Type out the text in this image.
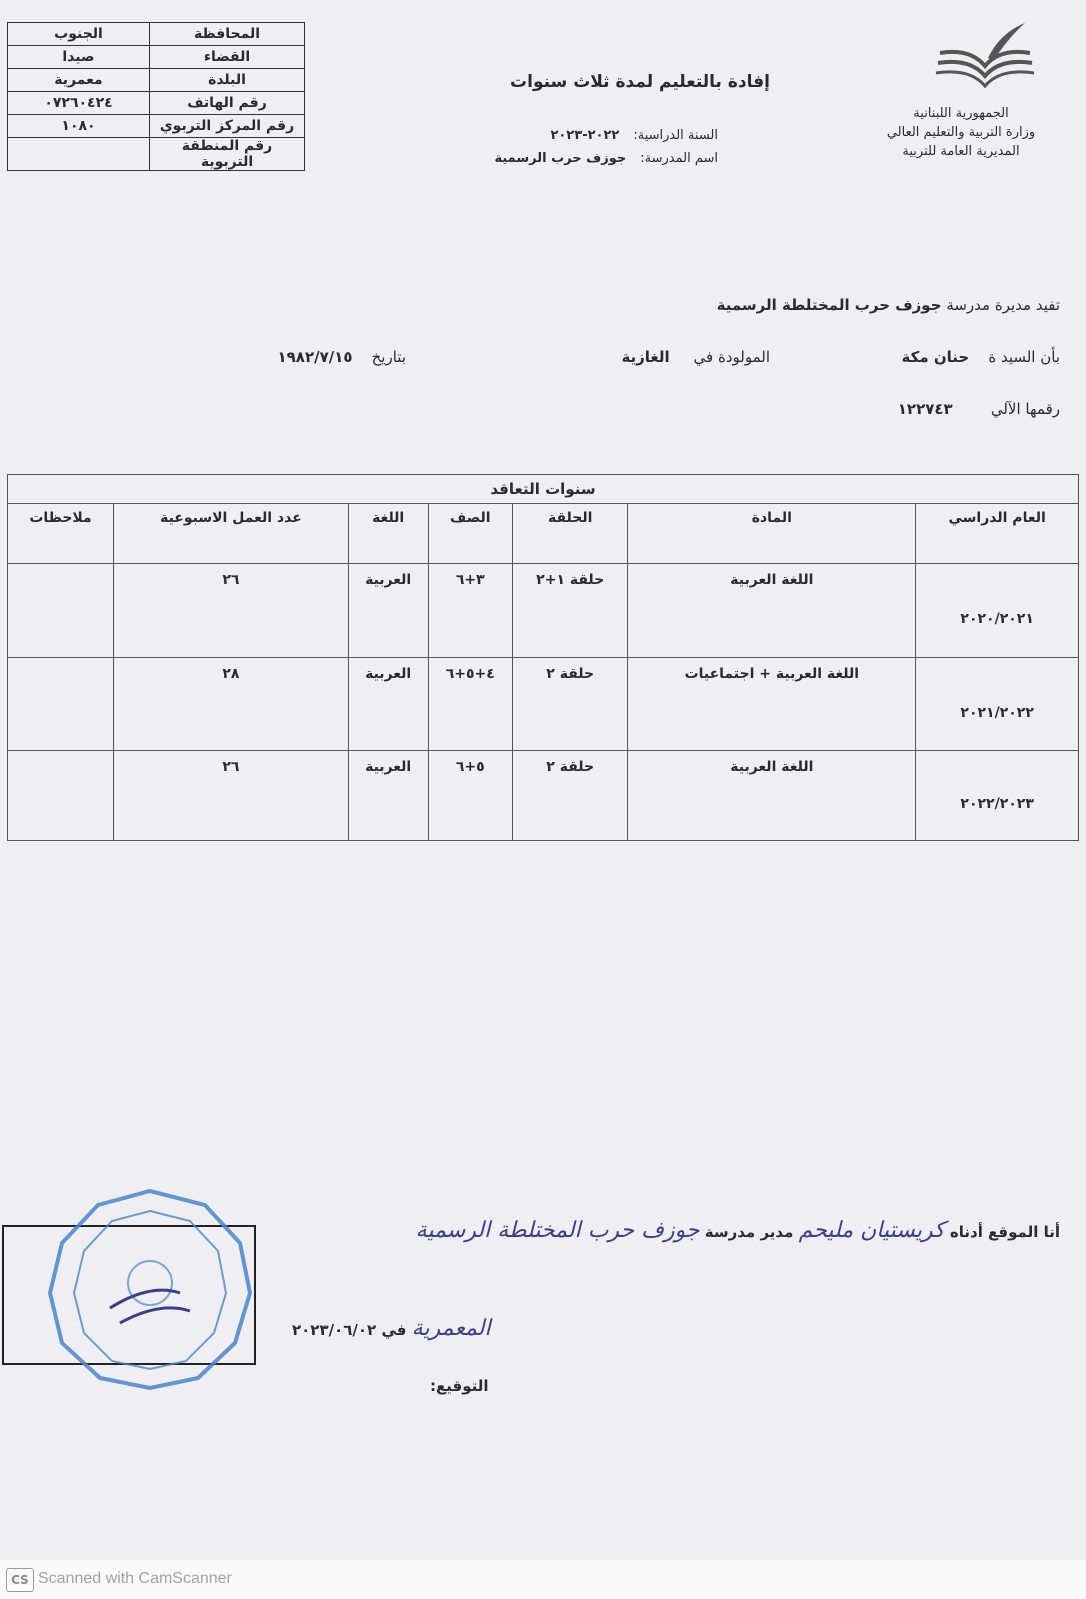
المحافظة	الجنوب
القضاء	صيدا
البلدة	معمرية
رقم الهاتف	٠٧٢٦٠٤٢٤
رقم المركز التربوي	١٠٨٠
رقم المنطقة التربوية	
الجمهورية اللبنانية
وزارة التربية والتعليم العالي
المديرية العامة للتربية
إفادة بالتعليم لمدة ثلاث سنوات
السنة الدراسية:٢٠٢٢-٢٠٢٣
اسم المدرسة:جوزف حرب الرسمية
تفيد مديرة مدرسة جوزف حرب المختلطة الرسمية
بأن السيد ة    حنان مكة
المولودة في     الغازية
بتاريخ    ١٩٨٢/٧/١٥
رقمها الآلي        ١٢٢٧٤٣
سنوات التعاقد						
العام الدراسي	المادة	الحلقة	الصف	اللغة	عدد العمل الاسبوعية	ملاحظات
٢٠٢٠/٢٠٢١	اللغة العربية	حلقة ١+٢	٣+٦	العربية	٢٦	
٢٠٢١/٢٠٢٢	اللغة العربية + اجتماعيات	حلقة ٢	٤+٥+٦	العربية	٢٨	
٢٠٢٢/٢٠٢٣	اللغة العربية	حلقة ٢	٥+٦	العربية	٢٦	
أنا الموقع أدناه كريستيان مليحم مدير مدرسة جوزف حرب المختلطة الرسمية
المعمرية في ٢٠٢٣/٠٦/٠٢
التوقيع:
CS Scanned with CamScanner
